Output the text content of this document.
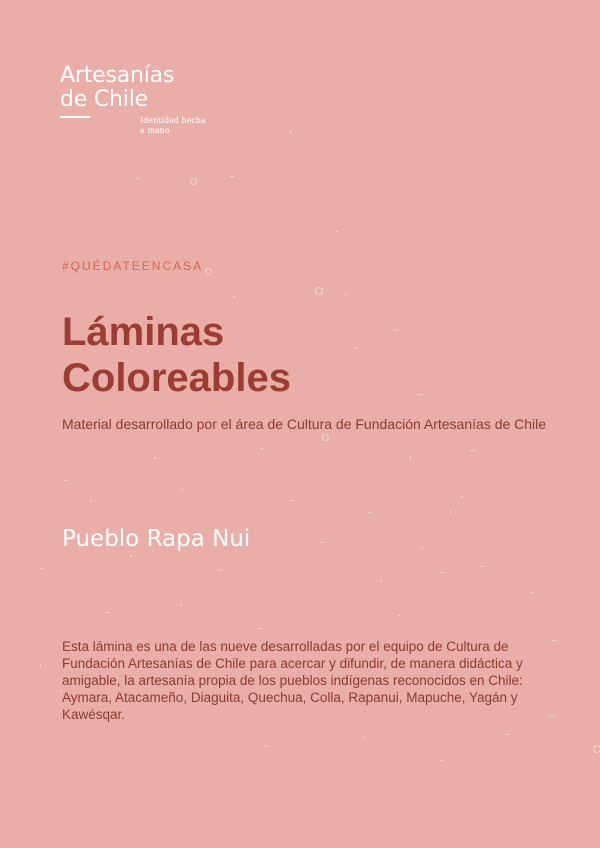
Artesanías
de Chile
Identidad hecha a mano
#QUÉDATEENCASA
Láminas
Coloreables
Material desarrollado por el área de Cultura de Fundación Artesanías de Chile
Pueblo Rapa Nui

Esta lámina es una de las nueve desarrolladas por el equipo de Cultura de Fundación Artesanías de Chile para acercar y difundir, de manera didáctica y amigable, la artesanía propia de los pueblos indígenas reconocidos en Chile: Aymara, Atacameño, Diaguita, Quechua, Colla, Rapanui, Mapuche, Yagán y Kawésqar.
